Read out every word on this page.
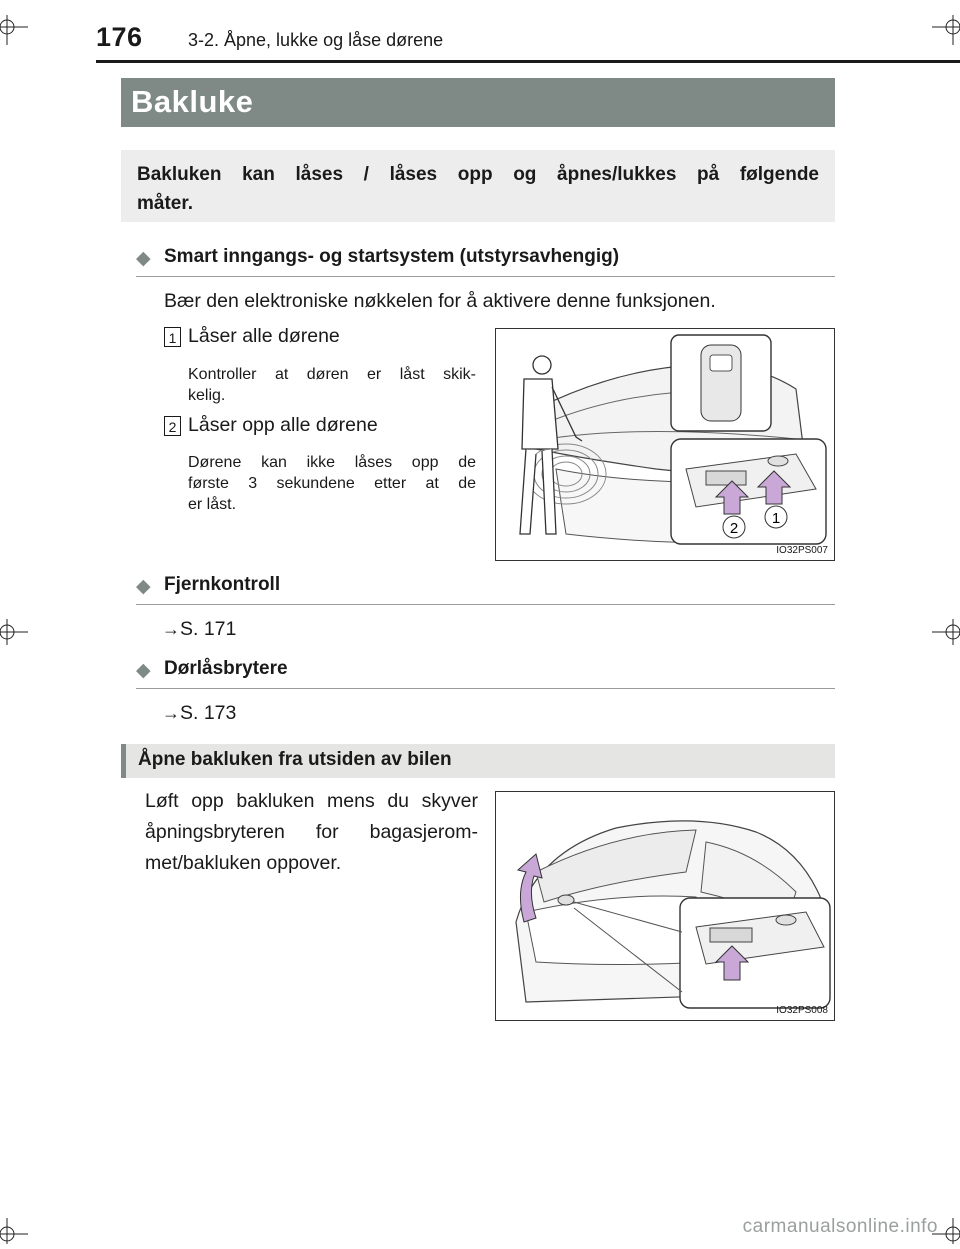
176	3-2. Åpne, lukke og låse dørene
Bakluke

Bakluken kan låses / låses opp og åpnes/lukkes på følgende
måter.

◆ Smart inngangs- og startsystem (utstyrsavhengig)
Bær den elektroniske nøkkelen for å aktivere denne funksjonen.
1 Låser alle dørene
Kontroller at døren er låst skik-
kelig.
2 Låser opp alle dørene
Dørene kan ikke låses opp de
første 3 sekundene etter at de
er låst.
2
1
IO32PS007
◆ Fjernkontroll
→S. 171
◆ Dørlåsbrytere
→S. 173
Åpne bakluken fra utsiden av bilen
Løft opp bakluken mens du skyver
åpningsbryteren for bagasjerom-
met/bakluken oppover.
IO32PS008
carmanualsonline.info
